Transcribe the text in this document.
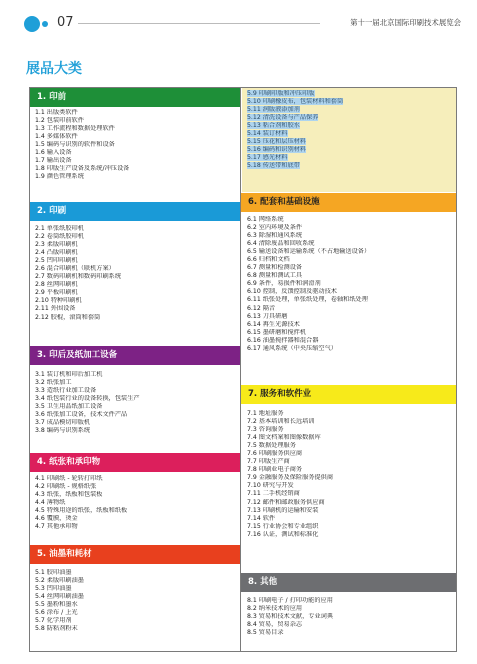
07	第十一届北京国际印刷技术展览会
展品大类
1. 印前
1.1 出版类软件
1.2 包装印前软件
1.3 工作流程和数据处理软件
1.4 多媒体软件
1.5 编码与识别的软件和设备
1.6 输入设备
1.7 输出设备
1.8 印版生产设备及系统/冲压设备
1.9 颜色管理系统
2. 印刷
2.1 单张纸胶印机
2.2 卷筒纸胶印机
2.3 柔版印刷机
2.4 凸版印刷机
2.5 凹印印刷机
2.6 混合印刷机（联机方案）
2.7 数码印刷机和数码印刷系统
2.8 丝网印刷机
2.9 平板印刷机
2.10 特种印刷机
2.11 外围设备
2.12 胶棍，滚筒和套筒
3. 印后及纸加工设备
3.1 装订机和印后加工机
3.2 纸张加工
3.3 造纸行业加工设备
3.4 纸包装行业的设备转换，包装生产
3.5 卫生用品纸加工设备
3.6 纸张加工设备，技术文件产品
3.7 成品模切印版机
3.8 编码与识别系统
4. 纸张和承印物
4.1 印刷纸 - 轮转打印纸
4.2 印刷纸 - 规格纸张
4.3 纸张，纸板和包装板
4.4 薄物纸
4.5 特殊用途的纸张，纸板和纸板
4.6 覆膜，烫金
4.7 其他承印物
5. 油墨和耗材
5.1 胶印油墨
5.2 柔版印刷油墨
5.3 凹印油墨
5.4 丝网印刷油墨
5.5 墨粉和墨水
5.6 涂布 / 上光
5.7 化学用剂
5.8 防粘剂粉末
5.9 印刷印版和冲压印版
5.10 印刷橡皮布，包装材料和套筒
5.11 润版液添加剂
5.12 清洗设备与产品保养
5.13 粘合剂和胶水
5.14 装订材料
5.15 压花和层压材料
5.16 编码和识别材料
5.17 感光材料
5.18 传送带和底带
6. 配套和基础设施
6.1 网络系统
6.2 室内环境及条件
6.3 除湿和通风系统
6.4 清除废品和回收系统
6.5 输送设备和运输系统（不占地输送设备）
6.6 归档和文档
6.7 测量和检测设备
6.8 测量和测试工具
6.9 条件，易损件和润滑剂
6.10 控制，反馈控制及驱动技术
6.11 纸张处理，单张纸处理，卷轴和纸处理
6.12 隔音
6.13 刀具研磨
6.14 再生光源技术
6.15 墨研磨和搅拌机
6.16 油墨搅拌器和混合器
6.17 通风系统（中央压缩空气）
7. 服务和软件业
7.1 地址服务
7.2 基本培训和长远培训
7.3 咨询服务
7.4 图文档案和图像数据库
7.5 数据处理服务
7.6 印刷服务供应商
7.7 印版生产商
7.8 印刷业电子商务
7.9 金融服务及保险服务提供商
7.10 研究与开发
7.11 二手机经销商
7.12 邮件和邮政服务供应商
7.13 印刷机的运输和安装
7.14 软件
7.15 行业协会和专业组织
7.16 认证，测试和标准化
8. 其他
8.1 印刷电子 / 打印功能的应用
8.2 纳米技术的应用
8.3 贸易和技术文献，专业词典
8.4 贸易，贸易杂志
8.5 贸易目录
